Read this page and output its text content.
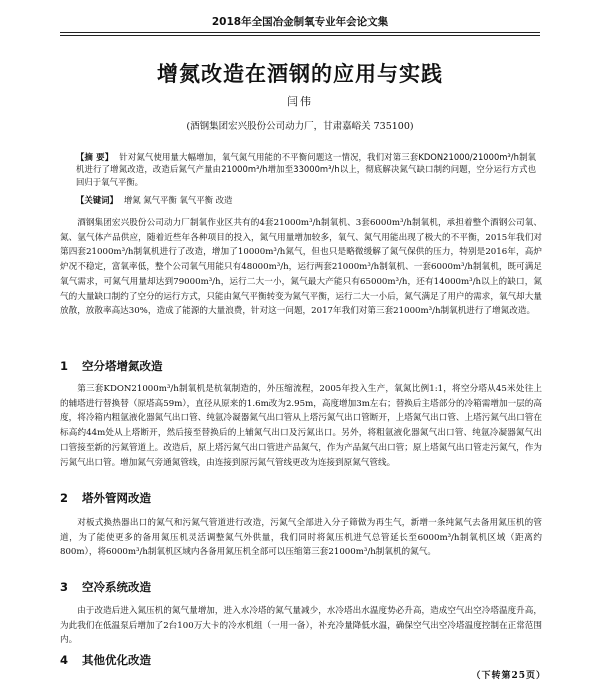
2018年全国冶金制氧专业年会论文集
增氮改造在酒钢的应用与实践
闫伟
(酒钢集团宏兴股份公司动力厂，甘肃嘉峪关 735100)
【摘 要】 针对氮气使用量大幅增加，氧气氮气用能的不平衡问题这一情况，我们对第三套KDON21000/21000m³/h制氧机进行了增氮改造，改造后氮气产量由21000m³/h增加至33000m³/h以上，彻底解决氮气缺口制约问题，空分运行方式也回归于氧气平衡。
【关键词】 增氮 氮气平衡 氧气平衡 改造
酒钢集团宏兴股份公司动力厂制氧作业区共有的4套21000m³/h制氧机、3套6000m³/h制氧机，承担着整个酒钢公司氧、氮、氩气体产品供应，随着近些年各种项目的投入，氮气用量增加较多，氧气、氮气用能出现了极大的不平衡，2015年我们对第四套21000m³/h制氧机进行了改造，增加了10000m³/h氮气，但也只是略微缓解了氮气保供的压力，特别是2016年，高炉炉况不稳定，富氧率低，整个公司氧气用能只有48000m³/h，运行两套21000m³/h制氧机、一套6000m³/h制氧机，既可满足氧气需求，可氮气用量却达到79000m³/h，运行二大一小，氮气最大产能只有65000m³/h，还有14000m³/h以上的缺口，氮气的大量缺口制约了空分的运行方式，只能由氮气平衡转变为氮气平衡，运行二大一小后，氮气满足了用户的需求，氧气却大量放散，放散率高达30%，造成了能源的大量浪费，针对这一问题，2017年我们对第三套21000m³/h制氧机进行了增氮改造。
1 空分塔增氮改造
第三套KDON21000m³/h制氧机是杭氧制造的，外压缩流程，2005年投入生产，氧氮比例1:1，将空分塔从45米处往上的辅塔进行替换替（原塔高59m），直径从原来的1.6m改为2.95m，高度增加3m左右；替换后主塔部分的冷箱需增加一层的高度，将冷箱内粗氩液化器氮气出口管、纯氩冷凝器氮气出口管从上塔污氮气出口管断开，上塔氮气出口管、上塔污氮气出口管在标高约44m处从上塔断开，然后接至替换后的上辅氮气出口及污氮出口。另外，将粗氩液化器氮气出口管、纯氩冷凝器氮气出口管接至新的污氮管道上。改造后，原上塔污氮气出口管进产品氮气，作为产品氮气出口管；原上塔氮气出口管走污氮气，作为污氮气出口管。增加氮气旁通氮管线，由连接到原污氮气管线更改为连接到原氮气管线。
2 塔外管网改造
对板式换热器出口的氮气和污氮气管道进行改造，污氮气全部进入分子筛做为再生气，新增一条纯氮气去备用氮压机的管道，为了能使更多的备用氮压机灵活调整氮气外供量，我们同时将氮压机进气总管延长至6000m³/h制氧机区域（距离约800m），将6000m³/h制氧机区域内各备用氮压机全部可以压缩第三套21000m³/h制氧机的氮气。
3 空冷系统改造
由于改造后进入氮压机的氮气量增加，进入水冷塔的氮气量减少，水冷塔出水温度势必升高，造成空气出空冷塔温度升高，为此我们在低温泵后增加了2台100万大卡的冷水机组（一用一备），补充冷量降低水温，确保空气出空冷塔温度控制在正常范围内。
4 其他优化改造
（下转第25页）
